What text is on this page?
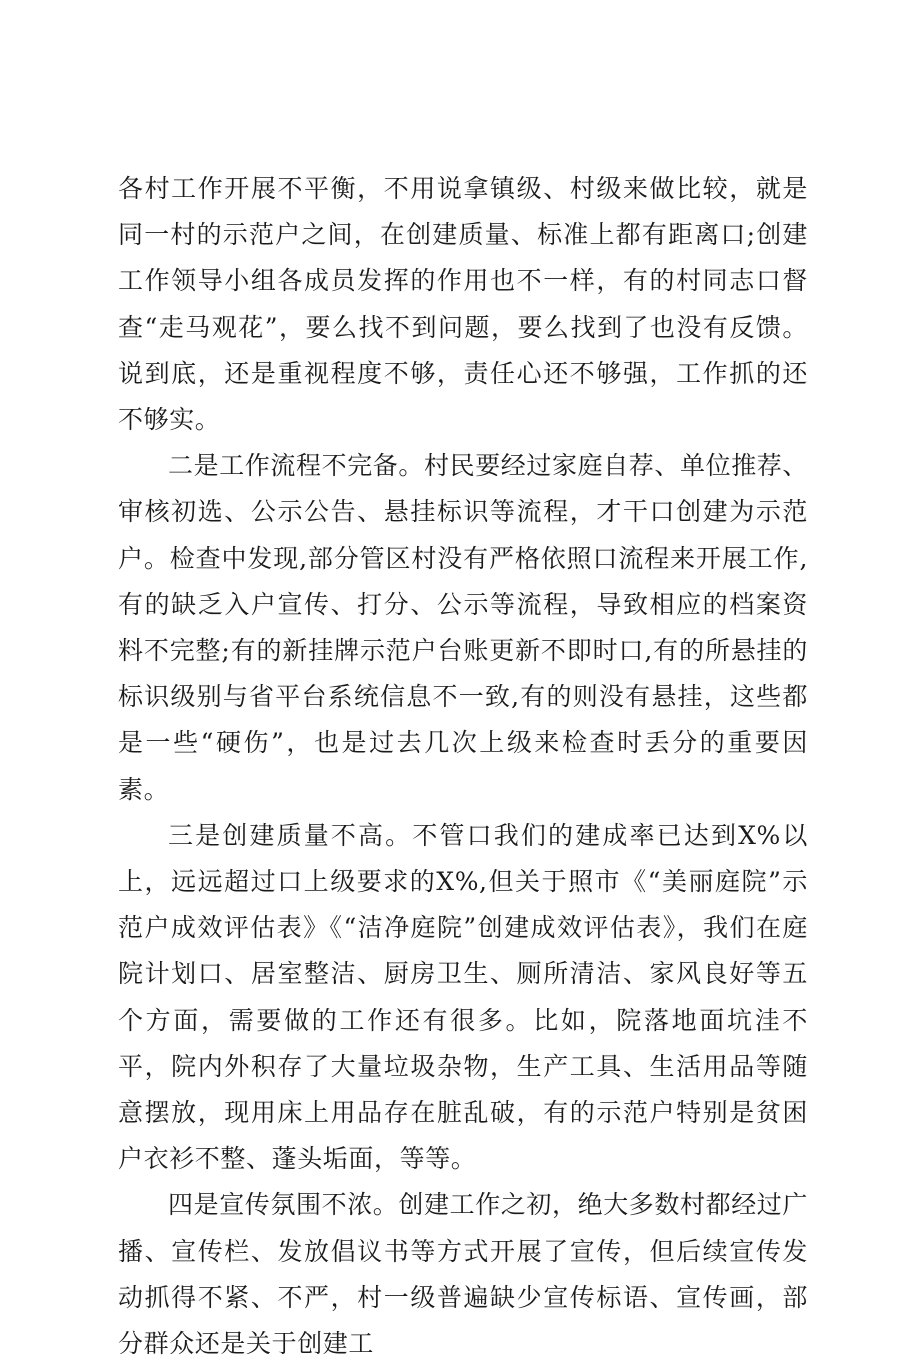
各村工作开展不平衡，不用说拿镇级、村级来做比较，就是同一村的示范户之间，在创建质量、标准上都有距离口;创建工作领导小组各成员发挥的作用也不一样，有的村同志口督查“走马观花”，要么找不到问题，要么找到了也没有反馈。说到底，还是重视程度不够，责任心还不够强，工作抓的还不够实。

二是工作流程不完备。村民要经过家庭自荐、单位推荐、审核初选、公示公告、悬挂标识等流程，才干口创建为示范户。检查中发现,部分管区村没有严格依照口流程来开展工作,有的缺乏入户宣传、打分、公示等流程，导致相应的档案资料不完整;有的新挂牌示范户台账更新不即时口,有的所悬挂的标识级别与省平台系统信息不一致,有的则没有悬挂，这些都是一些“硬伤”，也是过去几次上级来检查时丢分的重要因素。

三是创建质量不高。不管口我们的建成率已达到X%以上，远远超过口上级要求的X%,但关于照市《“美丽庭院”示范户成效评估表》《“洁净庭院”创建成效评估表》，我们在庭院计划口、居室整洁、厨房卫生、厕所清洁、家风良好等五个方面，需要做的工作还有很多。比如，院落地面坑洼不平，院内外积存了大量垃圾杂物，生产工具、生活用品等随意摆放，现用床上用品存在脏乱破，有的示范户特别是贫困户衣衫不整、蓬头垢面，等等。

四是宣传氛围不浓。创建工作之初，绝大多数村都经过广播、宣传栏、发放倡议书等方式开展了宣传，但后续宣传发动抓得不紧、不严，村一级普遍缺少宣传标语、宣传画，部分群众还是关于创建工
